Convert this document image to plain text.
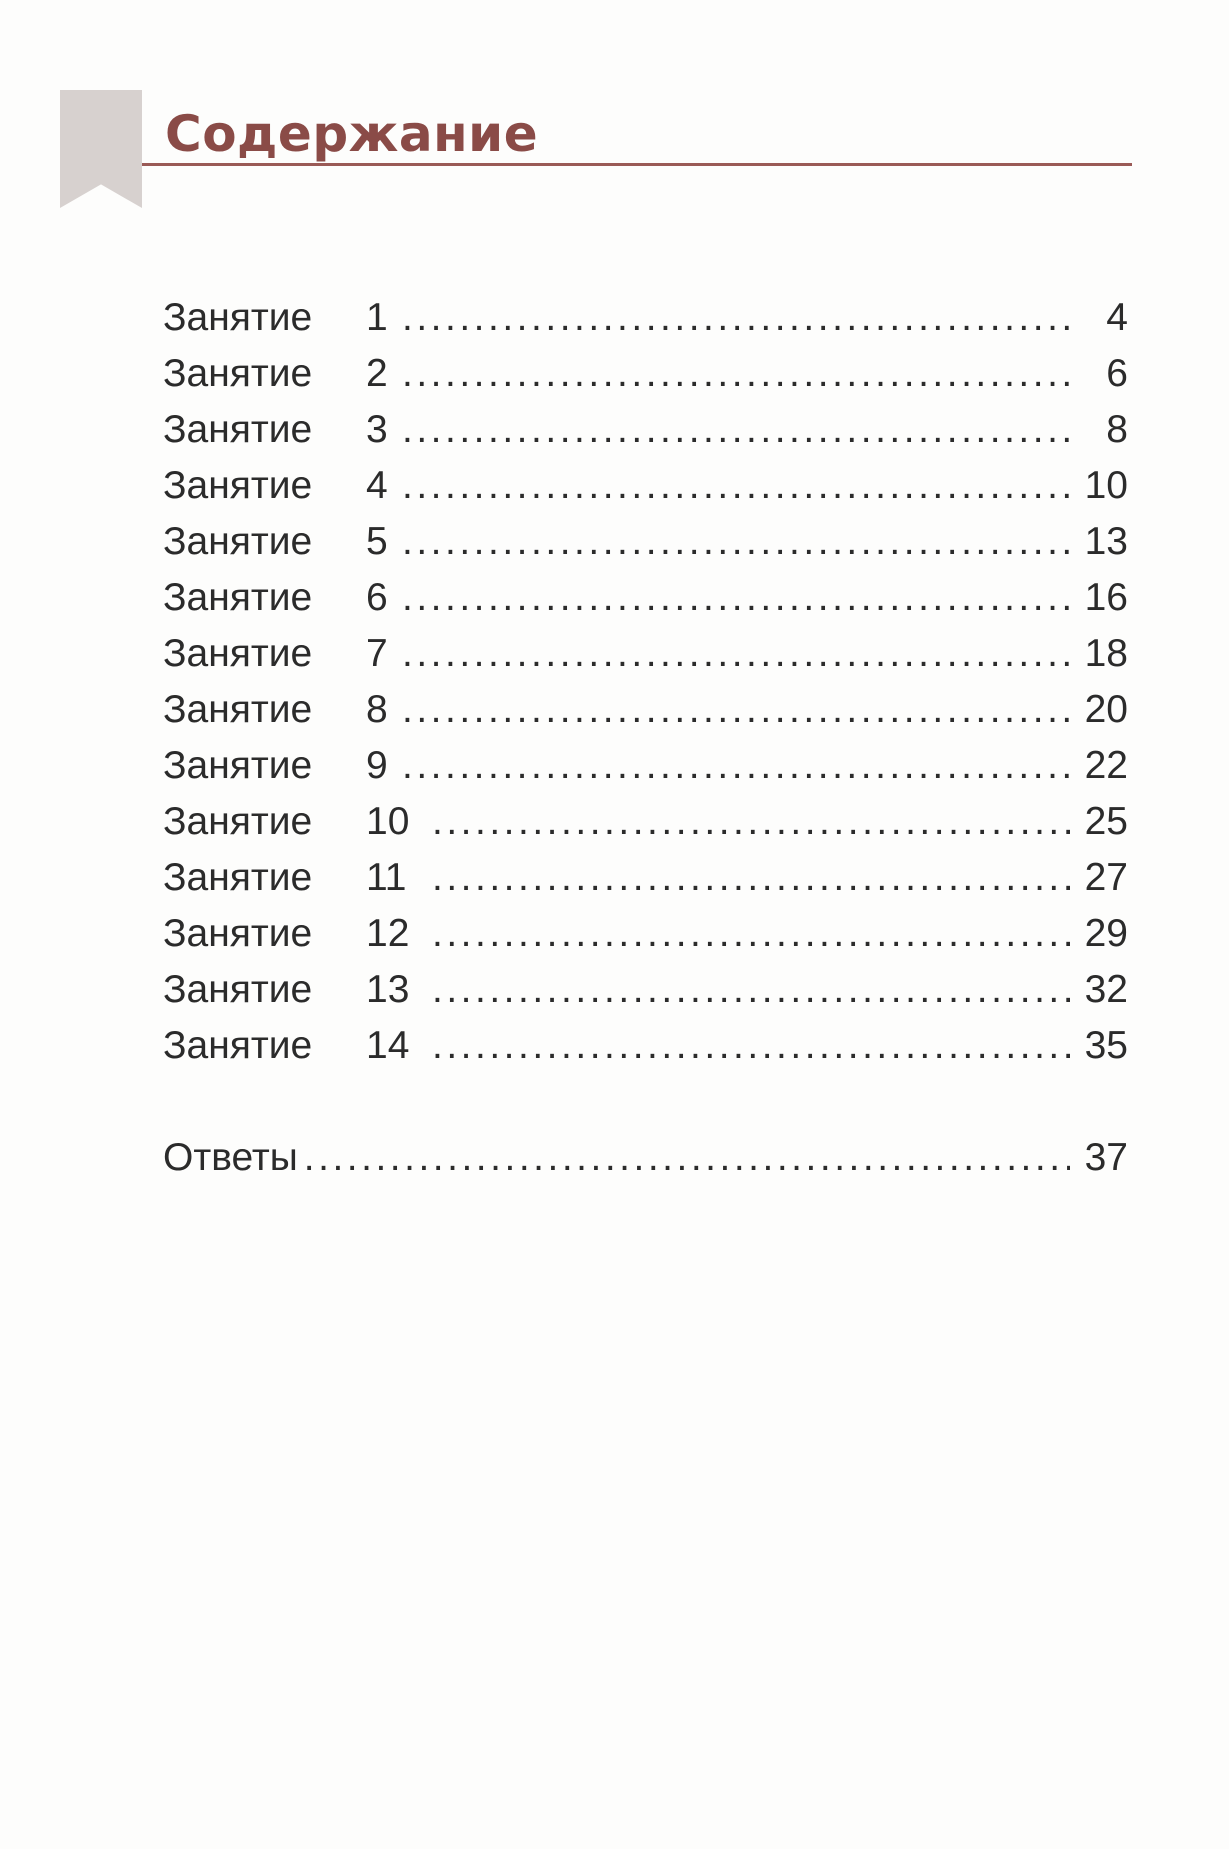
Содержание
Занятие	1 .....	4
Занятие	2 .....	6
Занятие	3 .....	8
Занятие	4 .....	10
Занятие	5 .....	13
Занятие	6 .....	16
Занятие	7 .....	18
Занятие	8 .....	20
Занятие	9 .....	22
Занятие	10 .....	25
Занятие	11 .....	27
Занятие	12 .....	29
Занятие	13 .....	32
Занятие	14 .....	35
Ответы .....	37
